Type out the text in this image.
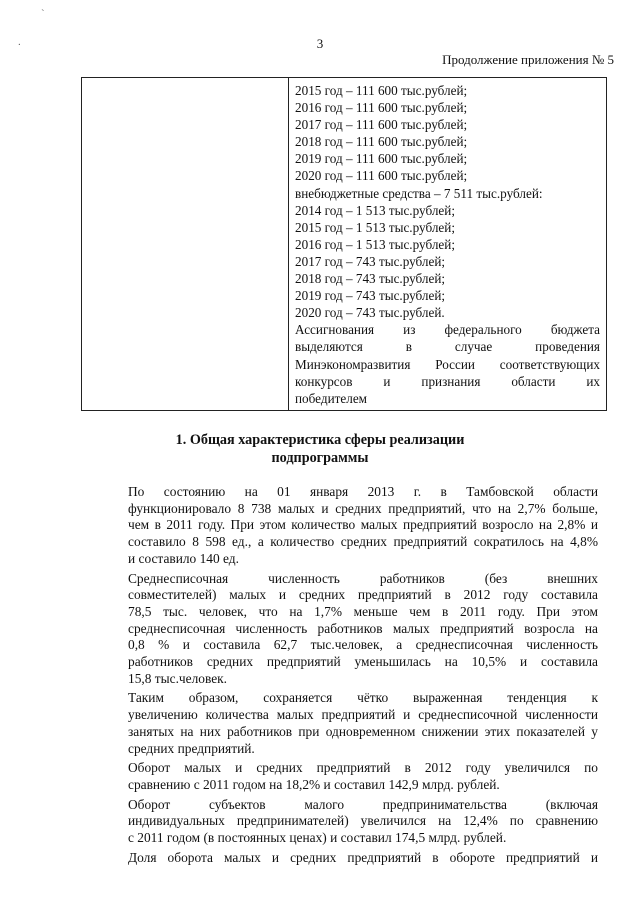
`
.	3
Продолжение приложения № 5
2015 год – 111 600 тыс.рублей;
2016 год – 111 600 тыс.рублей;
2017 год – 111 600 тыс.рублей;
2018 год – 111 600 тыс.рублей;
2019 год – 111 600 тыс.рублей;
2020 год – 111 600 тыс.рублей;
внебюджетные средства – 7 511 тыс.рублей:
2014 год – 1 513 тыс.рублей;
2015 год – 1 513 тыс.рублей;
2016 год – 1 513 тыс.рублей;
2017 год – 743 тыс.рублей;
2018 год – 743 тыс.рублей;
2019 год – 743 тыс.рублей;
2020 год – 743 тыс.рублей.
Ассигнования из федерального бюджета
выделяются в случае проведения
Минэкономразвития России соответствующих
конкурсов и признания области их
победителем
1. Общая характеристика сферы реализации
подпрограммы

По состоянию на 01 января 2013 г. в Тамбовской области
функционировало 8 738 малых и средних предприятий, что на 2,7% больше,
чем в 2011 году. При этом количество малых предприятий возросло на 2,8% и
составило 8 598 ед., а количество средних предприятий сократилось на 4,8%
и составило 140 ед.

Среднесписочная численность работников (без внешних
совместителей) малых и средних предприятий в 2012 году составила
78,5 тыс. человек, что на 1,7% меньше чем в 2011 году. При этом
среднесписочная численность работников малых предприятий возросла на
0,8 % и составила 62,7 тыс.человек, а среднесписочная численность
работников средних предприятий уменьшилась на 10,5% и составила
15,8 тыс.человек.

Таким образом, сохраняется чётко выраженная тенденция к
увеличению количества малых предприятий и среднесписочной численности
занятых на них работников при одновременном снижении этих показателей у
средних предприятий.

Оборот малых и средних предприятий в 2012 году увеличился по
сравнению с 2011 годом на 18,2% и составил 142,9 млрд. рублей.

Оборот субъектов малого предпринимательства (включая
индивидуальных предпринимателей) увеличился на 12,4% по сравнению
с 2011 годом (в постоянных ценах) и составил 174,5 млрд. рублей.

Доля оборота малых и средних предприятий в обороте предприятий и
